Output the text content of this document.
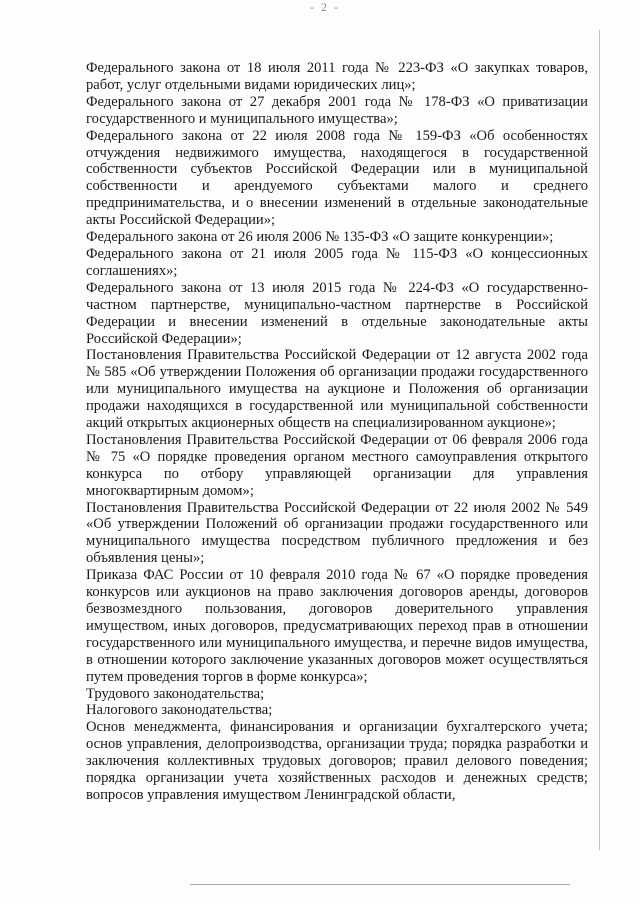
- 2 -

Федерального закона от 18 июля 2011 года № 223-ФЗ «О закупках товаров, работ, услуг отдельными видами юридических лиц»;

Федерального закона от 27 декабря 2001 года № 178-ФЗ «О приватизации государственного и муниципального имущества»;

Федерального закона от 22 июля 2008 года № 159-ФЗ «Об особенностях отчуждения недвижимого имущества, находящегося в государственной собственности субъектов Российской Федерации или в муниципальной собственности и арендуемого субъектами малого и среднего предпринимательства, и о внесении изменений в отдельные законодательные акты Российской Федерации»;

Федерального закона от 26 июля 2006 № 135-ФЗ «О защите конкуренции»;

Федерального закона от 21 июля 2005 года № 115-ФЗ «О концессионных соглашениях»;

Федерального закона от 13 июля 2015 года № 224-ФЗ «О государственно-частном партнерстве, муниципально-частном партнерстве в Российской Федерации и внесении изменений в отдельные законодательные акты Российской Федерации»;

Постановления Правительства Российской Федерации от 12 августа 2002 года № 585 «Об утверждении Положения об организации продажи государственного или муниципального имущества на аукционе и Положения об организации продажи находящихся в государственной или муниципальной собственности акций открытых акционерных обществ на специализированном аукционе»;

Постановления Правительства Российской Федерации от 06 февраля 2006 года № 75 «О порядке проведения органом местного самоуправления открытого конкурса по отбору управляющей организации для управления многоквартирным домом»;

Постановления Правительства Российской Федерации от 22 июля 2002 № 549 «Об утверждении Положений об организации продажи государственного или муниципального имущества посредством публичного предложения и без объявления цены»;

Приказа ФАС России от 10 февраля 2010 года № 67 «О порядке проведения конкурсов или аукционов на право заключения договоров аренды, договоров безвозмездного пользования, договоров доверительного управления имуществом, иных договоров, предусматривающих переход прав в отношении государственного или муниципального имущества, и перечне видов имущества, в отношении которого заключение указанных договоров может осуществляться путем проведения торгов в форме конкурса»;

Трудового законодательства;

Налогового законодательства;

Основ менеджмента, финансирования и организации бухгалтерского учета; основ управления, делопроизводства, организации труда; порядка разработки и заключения коллективных трудовых договоров; правил делового поведения; порядка организации учета хозяйственных расходов и денежных средств; вопросов управления имуществом Ленинградской области,
